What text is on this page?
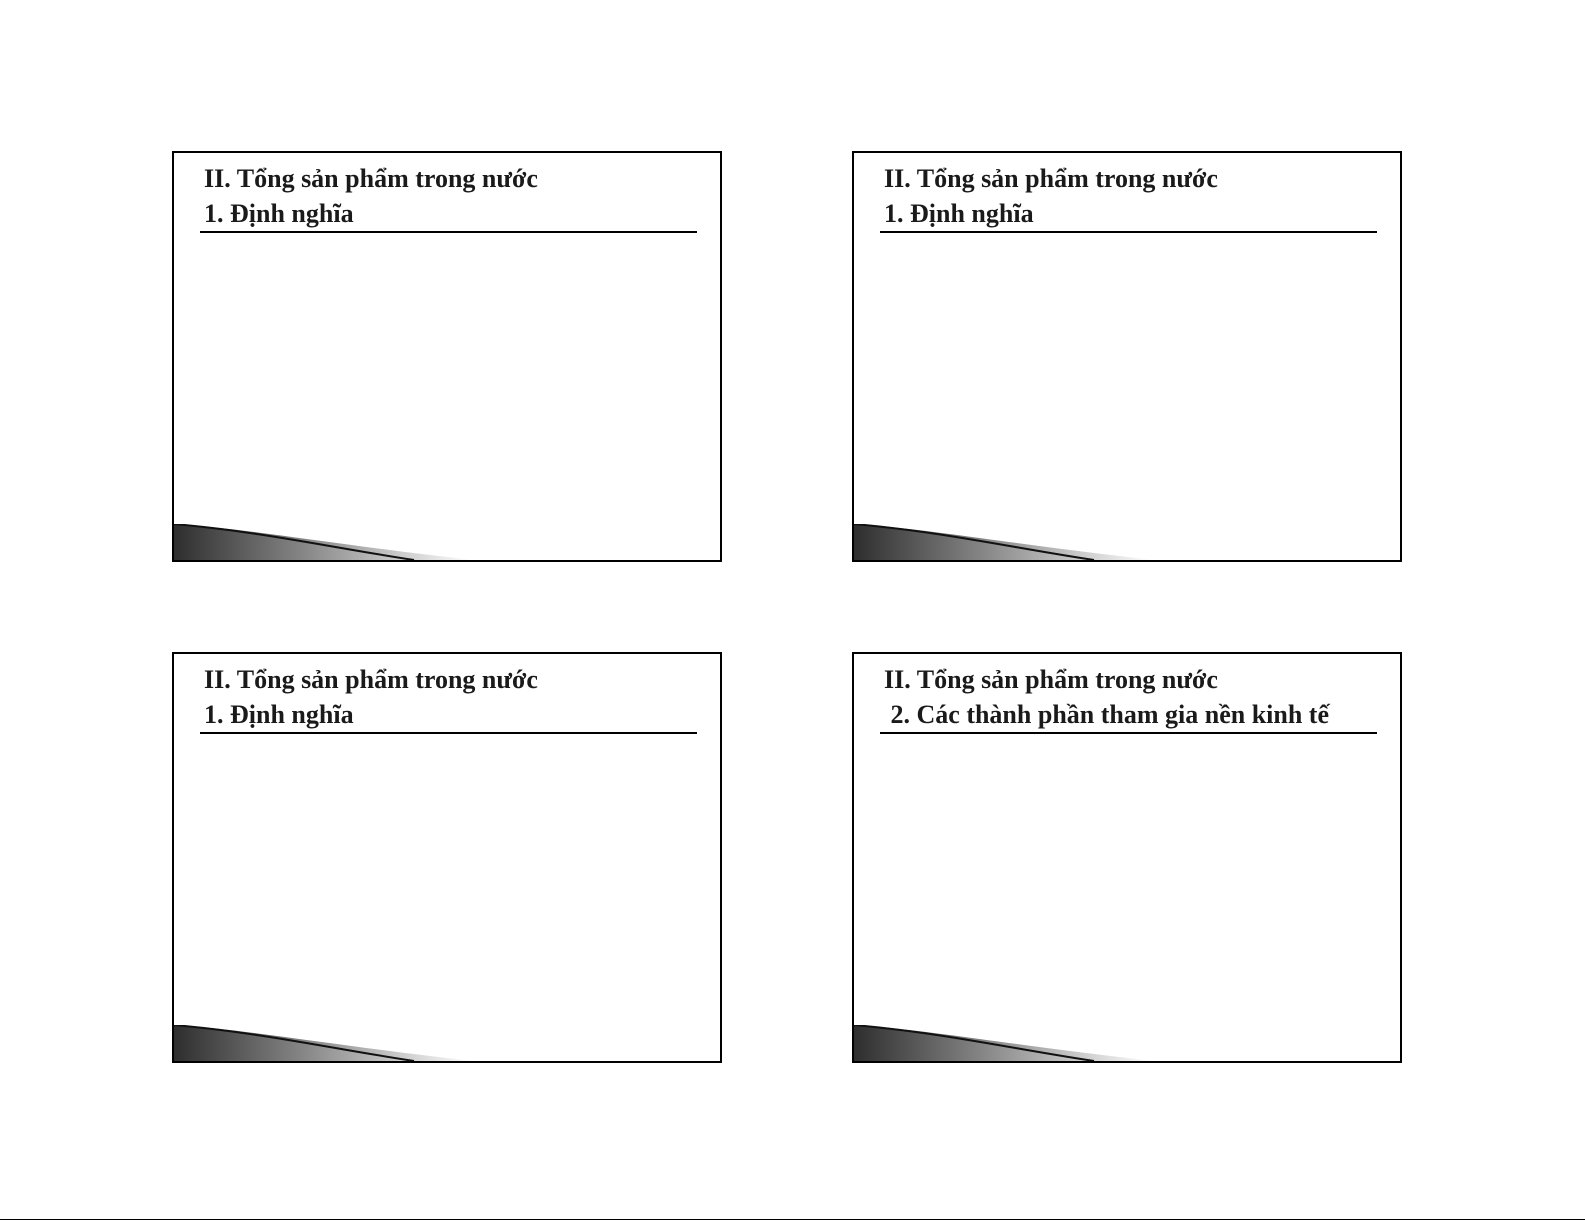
II. Tổng sản phẩm trong nước
1. Định nghĩa
II. Tổng sản phẩm trong nước
1. Định nghĩa
II. Tổng sản phẩm trong nước
1. Định nghĩa
II. Tổng sản phẩm trong nước
2. Các thành phần tham gia nền kinh tế
